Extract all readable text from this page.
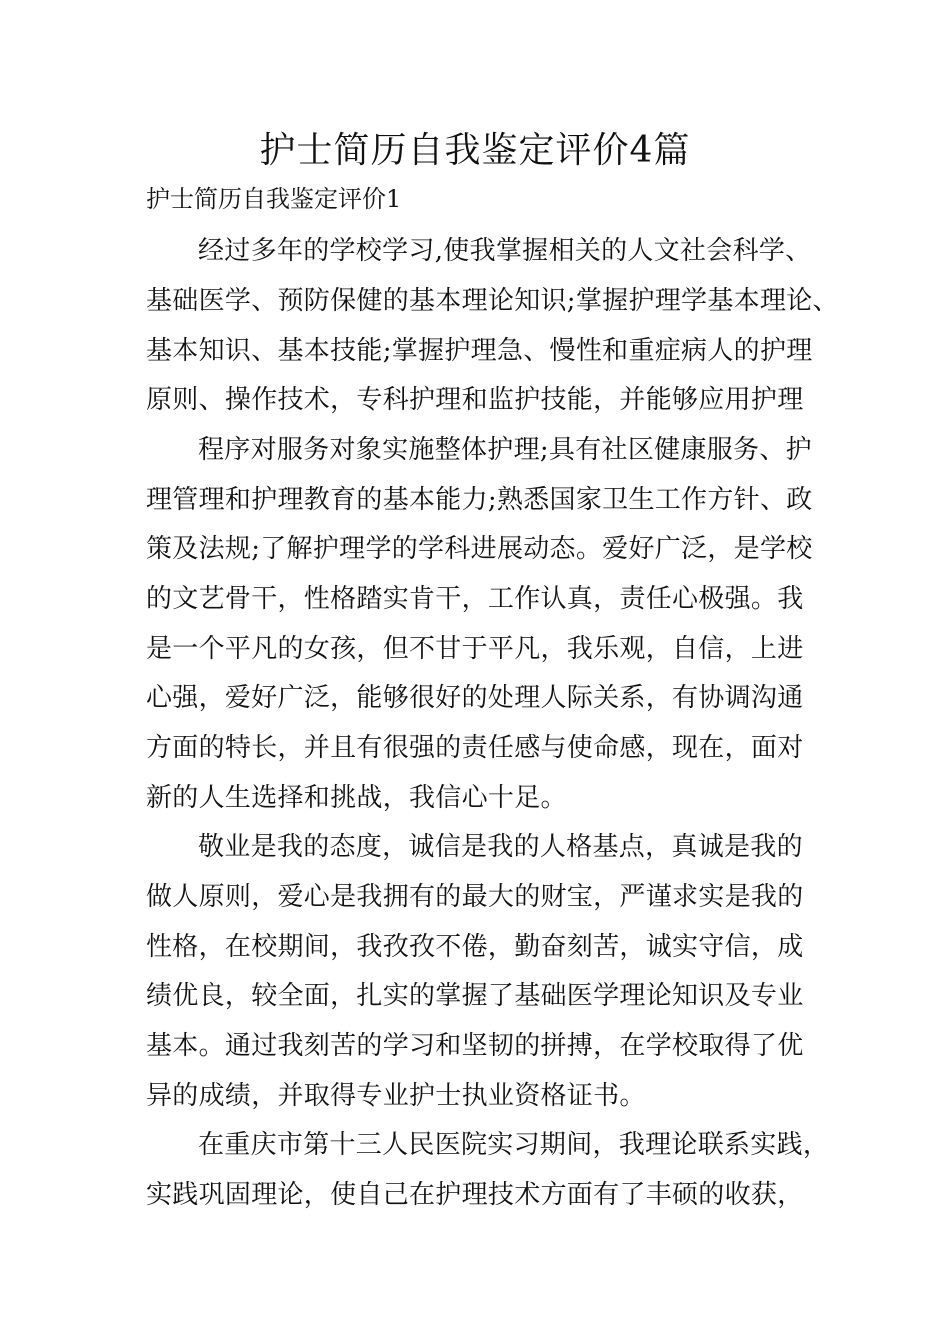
护士简历自我鉴定评价4篇
护士简历自我鉴定评价1
经过多年的学校学习,使我掌握相关的人文社会科学、
基础医学、预防保健的基本理论知识;掌握护理学基本理论、
基本知识、基本技能;掌握护理急、慢性和重症病人的护理
原则、操作技术，专科护理和监护技能，并能够应用护理
程序对服务对象实施整体护理;具有社区健康服务、护
理管理和护理教育的基本能力;熟悉国家卫生工作方针、政
策及法规;了解护理学的学科进展动态。爱好广泛，是学校
的文艺骨干，性格踏实肯干，工作认真，责任心极强。我
是一个平凡的女孩，但不甘于平凡，我乐观，自信，上进
心强，爱好广泛，能够很好的处理人际关系，有协调沟通
方面的特长，并且有很强的责任感与使命感，现在，面对
新的人生选择和挑战，我信心十足。
敬业是我的态度，诚信是我的人格基点，真诚是我的
做人原则，爱心是我拥有的最大的财宝，严谨求实是我的
性格，在校期间，我孜孜不倦，勤奋刻苦，诚实守信，成
绩优良，较全面，扎实的掌握了基础医学理论知识及专业
基本。通过我刻苦的学习和坚韧的拼搏，在学校取得了优
异的成绩，并取得专业护士执业资格证书。
在重庆市第十三人民医院实习期间，我理论联系实践，
实践巩固理论，使自己在护理技术方面有了丰硕的收获，
